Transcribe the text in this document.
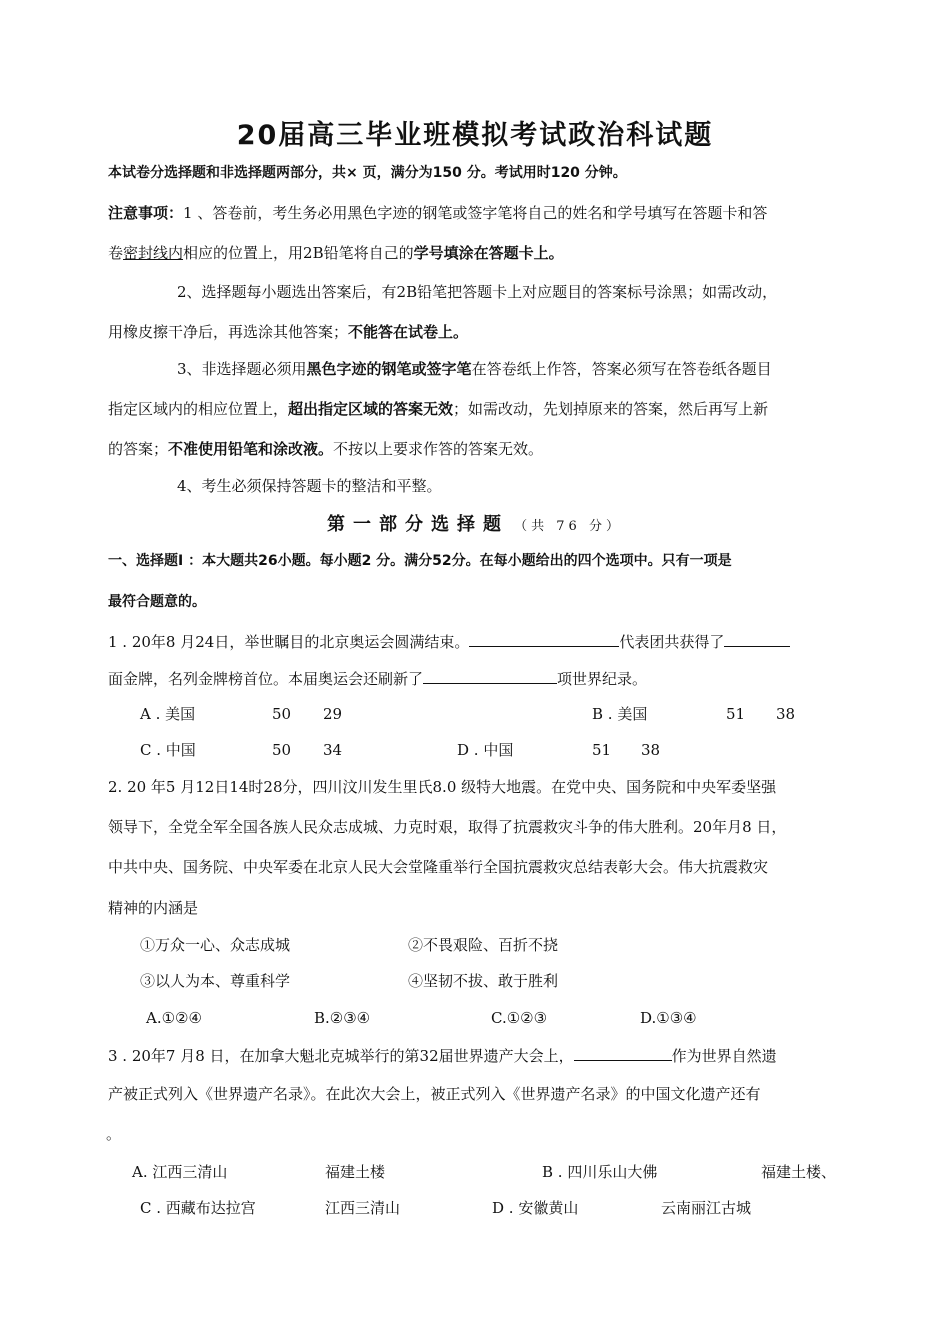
20届高三毕业班模拟考试政治科试题
本试卷分选择题和非选择题两部分，共× 页，满分为150 分。考试用时120 分钟。
注意事项：1 、答卷前，考生务必用黑色字迹的钢笔或签字笔将自己的姓名和学号填写在答题卡和答
卷密封线内相应的位置上，用2B铅笔将自己的学号填涂在答题卡上。
2、选择题每小题选出答案后，有2B铅笔把答题卡上对应题目的答案标号涂黑；如需改动，
用橡皮擦干净后，再选涂其他答案；不能答在试卷上。
3、非选择题必须用黑色字迹的钢笔或签字笔在答卷纸上作答，答案必须写在答卷纸各题目
指定区域内的相应位置上，超出指定区域的答案无效；如需改动，先划掉原来的答案，然后再写上新
的答案；不准使用铅笔和涂改液。不按以上要求作答的答案无效。
4、考生必须保持答题卡的整洁和平整。
第一部分选择题 （共 76 分）
一、选择题Ⅰ ：本大题共26小题。每小题2 分。满分52分。在每小题给出的四个选项中。只有一项是
最符合题意的。
1 . 20年8 月24日，举世瞩目的北京奥运会圆满结束。	代表团共获得了
面金牌，名列金牌榜首位。本届奥运会还刷新了	项世界纪录。
A . 美国	50 29	B . 美国	51 38
C . 中国	50 34	D . 中国	51 38
2. 20 年5 月12日14时28分，四川汶川发生里氏8.0 级特大地震。在党中央、国务院和中央军委坚强
领导下，全党全军全国各族人民众志成城、力克时艰，取得了抗震救灾斗争的伟大胜利。20年月8 日，
中共中央、国务院、中央军委在北京人民大会堂隆重举行全国抗震救灾总结表彰大会。伟大抗震救灾
精神的内涵是
①万众一心、众志成城	②不畏艰险、百折不挠
③以人为本、尊重科学	④坚韧不拔、敢于胜利
A.①②④	B.②③④	C.①②③	D.①③④
3 . 20年7 月8 日，在加拿大魁北克城举行的第32届世界遗产大会上，	作为世界自然遗
产被正式列入《世界遗产名录》。在此次大会上，被正式列入《世界遗产名录》的中国文化遗产还有
。
A. 江西三清山	福建土楼	B . 四川乐山大佛	福建土楼、
C . 西藏布达拉宫	江西三清山	D . 安徽黄山	云南丽江古城
